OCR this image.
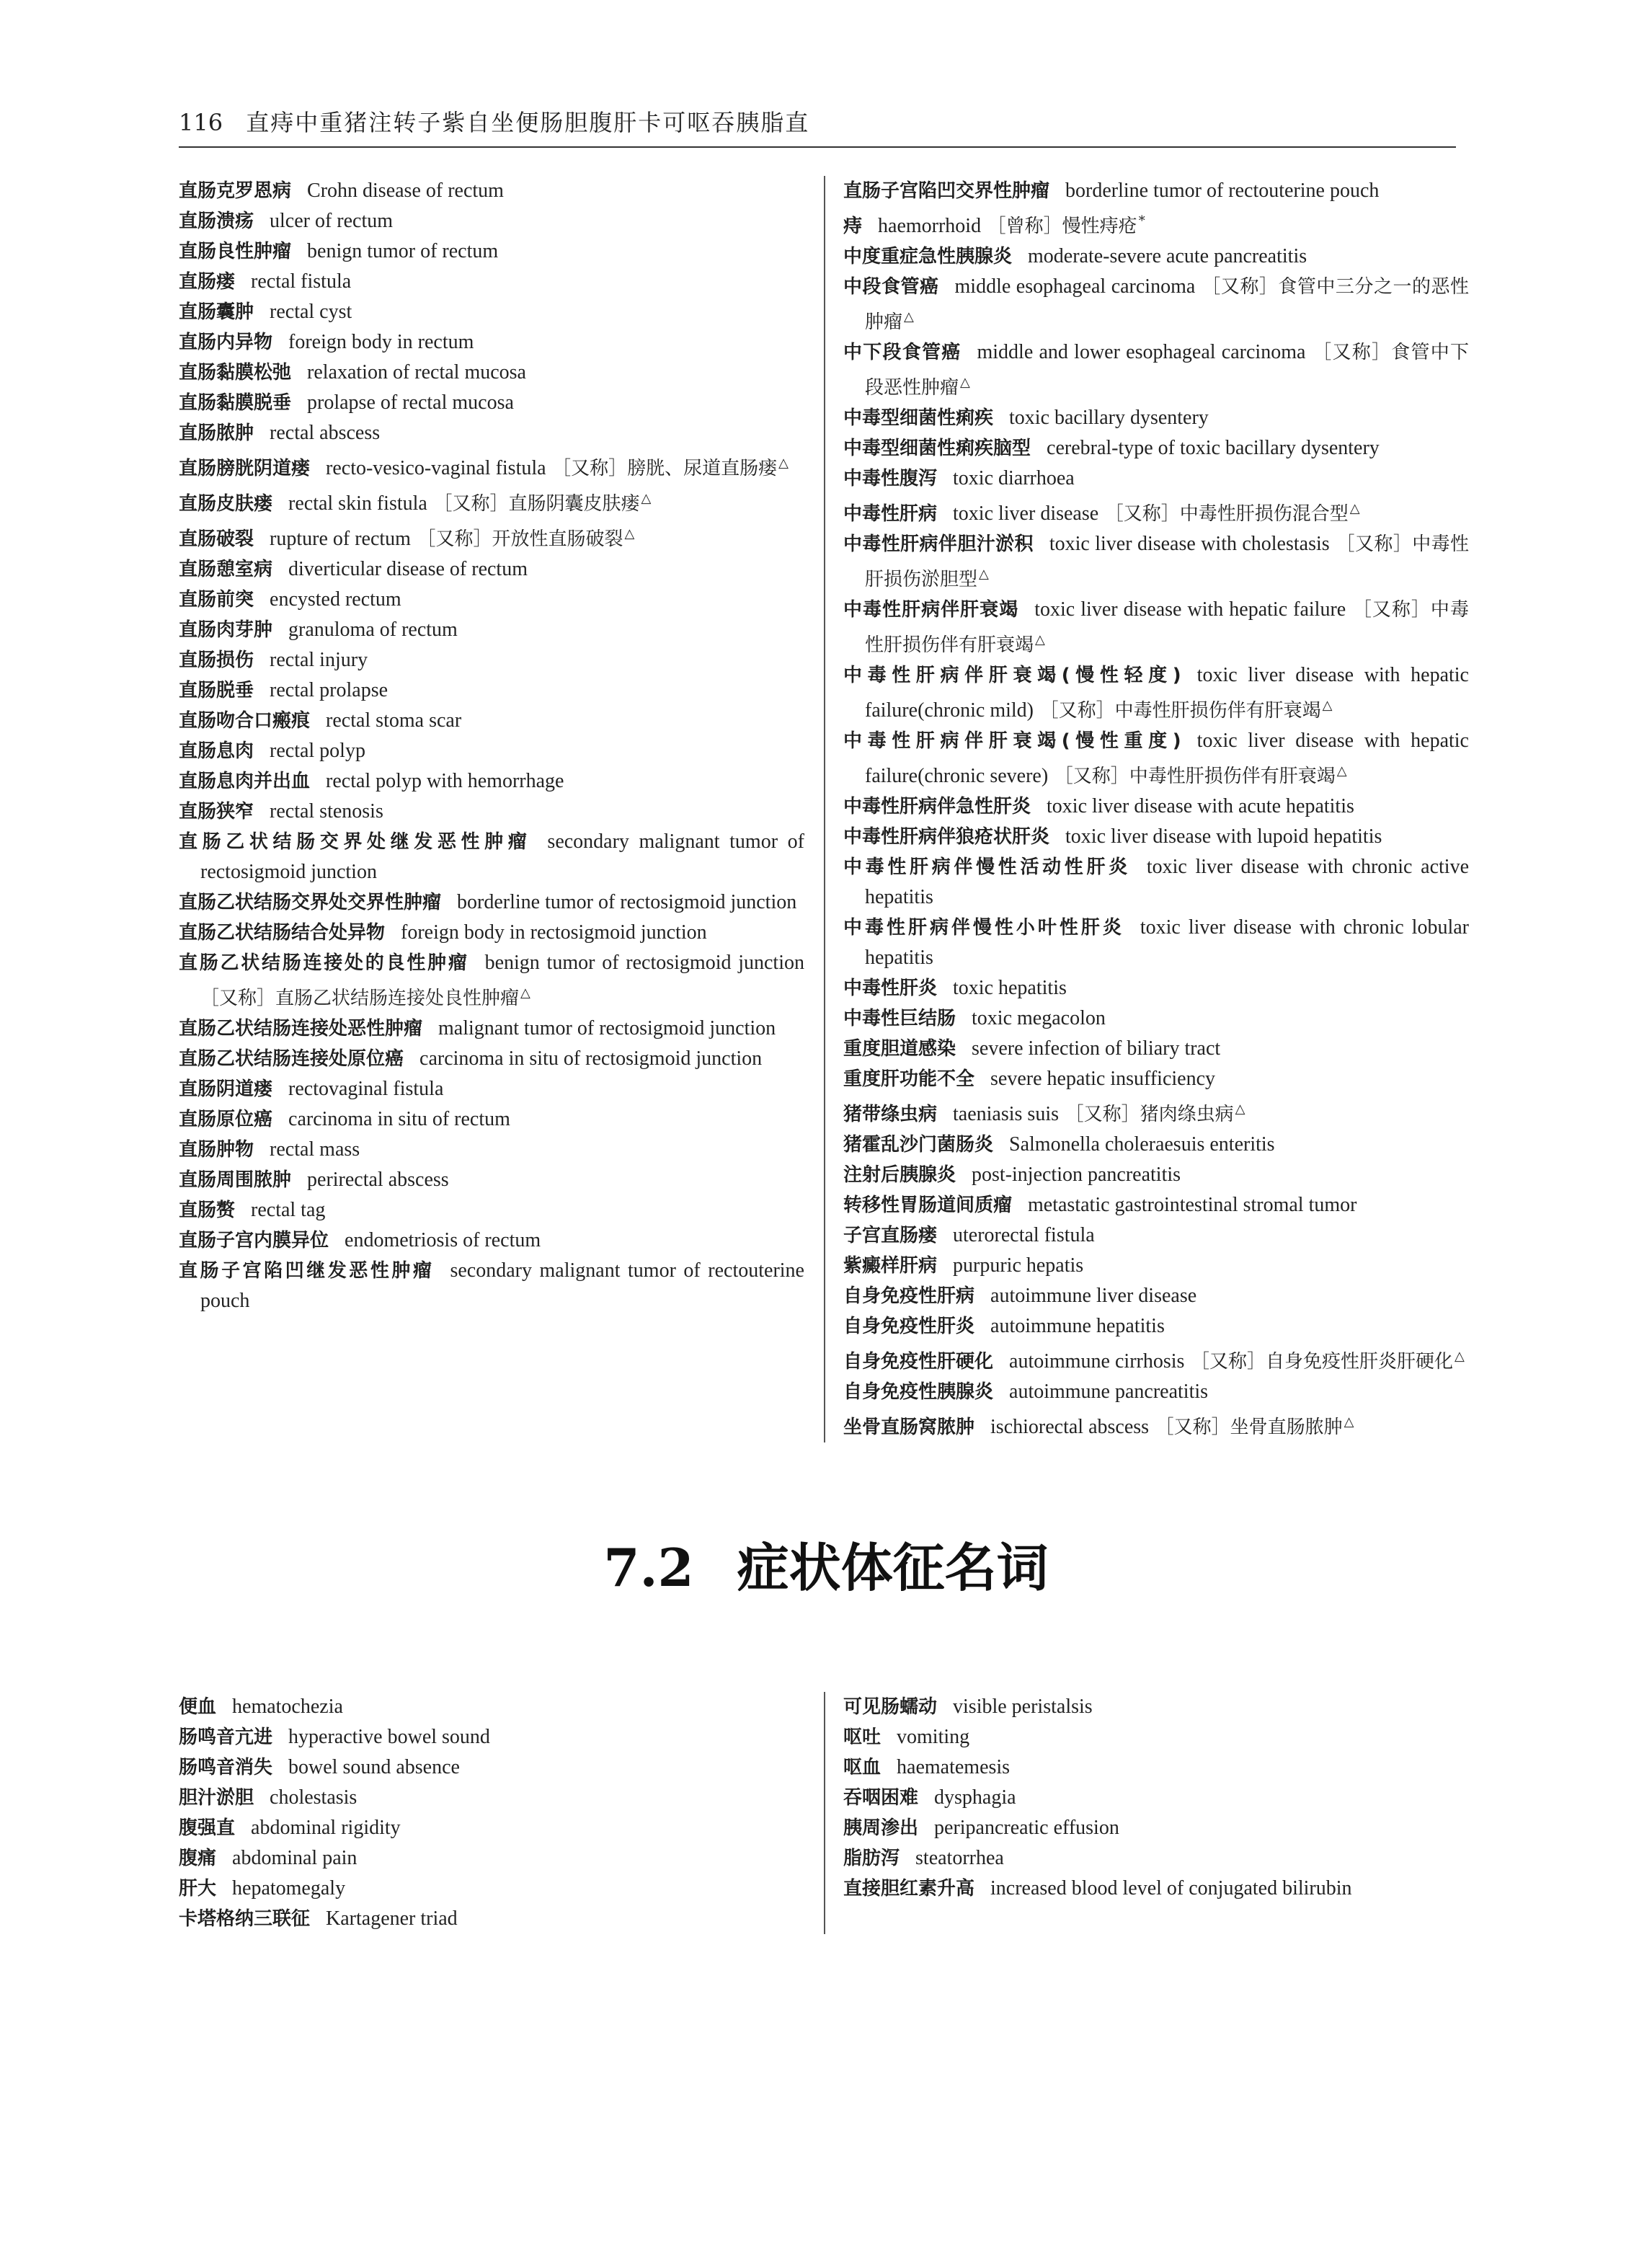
116 直痔中重猪注转子紫自坐便肠胆腹肝卡可呕吞胰脂直

直肠克罗恩病 Crohn disease of rectum

直肠溃疡 ulcer of rectum

直肠良性肿瘤 benign tumor of rectum

直肠瘘 rectal fistula

直肠囊肿 rectal cyst

直肠内异物 foreign body in rectum

直肠黏膜松弛 relaxation of rectal mucosa

直肠黏膜脱垂 prolapse of rectal mucosa

直肠脓肿 rectal abscess

直肠膀胱阴道瘘 recto-vesico-vaginal fistula ［又称］膀胱、尿道直肠瘘 △

直肠皮肤瘘 rectal skin fistula ［又称］直肠阴囊皮肤瘘 △

直肠破裂 rupture of rectum ［又称］开放性直肠破裂 △

直肠憩室病 diverticular disease of rectum

直肠前突 encysted rectum

直肠肉芽肿 granuloma of rectum

直肠损伤 rectal injury

直肠脱垂 rectal prolapse

直肠吻合口瘢痕 rectal stoma scar

直肠息肉 rectal polyp

直肠息肉并出血 rectal polyp with hemorrhage

直肠狭窄 rectal stenosis

直肠乙状结肠交界处继发恶性肿瘤 secondary malignant tumor of rectosigmoid junction

直肠乙状结肠交界处交界性肿瘤 borderline tumor of rectosigmoid junction

直肠乙状结肠结合处异物 foreign body in rectosigmoid junction

直肠乙状结肠连接处的良性肿瘤 benign tumor of rectosigmoid junction ［又称］直肠乙状结肠连接处良性肿瘤 △

直肠乙状结肠连接处恶性肿瘤 malignant tumor of rectosigmoid junction

直肠乙状结肠连接处原位癌 carcinoma in situ of rectosigmoid junction

直肠阴道瘘 rectovaginal fistula

直肠原位癌 carcinoma in situ of rectum

直肠肿物 rectal mass

直肠周围脓肿 perirectal abscess

直肠赘 rectal tag

直肠子宫内膜异位 endometriosis of rectum

直肠子宫陷凹继发恶性肿瘤 secondary malignant tumor of rectouterine pouch

直肠子宫陷凹交界性肿瘤 borderline tumor of rectouterine pouch

痔 haemorrhoid ［曾称］慢性痔疮 *

中度重症急性胰腺炎 moderate-severe acute pancreatitis

中段食管癌 middle esophageal carcinoma ［又称］食管中三分之一的恶性肿瘤 △

中下段食管癌 middle and lower esophageal carcinoma ［又称］食管中下段恶性肿瘤 △

中毒型细菌性痢疾 toxic bacillary dysentery

中毒型细菌性痢疾脑型 cerebral-type of toxic bacillary dysentery

中毒性腹泻 toxic diarrhoea

中毒性肝病 toxic liver disease ［又称］中毒性肝损伤混合型 △

中毒性肝病伴胆汁淤积 toxic liver disease with cholestasis ［又称］中毒性肝损伤淤胆型 △

中毒性肝病伴肝衰竭 toxic liver disease with hepatic failure ［又称］中毒性肝损伤伴有肝衰竭 △

中毒性肝病伴肝衰竭(慢性轻度) toxic liver disease with hepatic failure(chronic mild) ［又称］中毒性肝损伤伴有肝衰竭 △

中毒性肝病伴肝衰竭(慢性重度) toxic liver disease with hepatic failure(chronic severe) ［又称］中毒性肝损伤伴有肝衰竭 △

中毒性肝病伴急性肝炎 toxic liver disease with acute hepatitis

中毒性肝病伴狼疮状肝炎 toxic liver disease with lupoid hepatitis

中毒性肝病伴慢性活动性肝炎 toxic liver disease with chronic active hepatitis

中毒性肝病伴慢性小叶性肝炎 toxic liver disease with chronic lobular hepatitis

中毒性肝炎 toxic hepatitis

中毒性巨结肠 toxic megacolon

重度胆道感染 severe infection of biliary tract

重度肝功能不全 severe hepatic insufficiency

猪带绦虫病 taeniasis suis ［又称］猪肉绦虫病 △

猪霍乱沙门菌肠炎 Salmonella choleraesuis enteritis

注射后胰腺炎 post-injection pancreatitis

转移性胃肠道间质瘤 metastatic gastrointestinal stromal tumor

子宫直肠瘘 uterorectal fistula

紫癜样肝病 purpuric hepatis

自身免疫性肝病 autoimmune liver disease

自身免疫性肝炎 autoimmune hepatitis

自身免疫性肝硬化 autoimmune cirrhosis ［又称］自身免疫性肝炎肝硬化 △

自身免疫性胰腺炎 autoimmune pancreatitis

坐骨直肠窝脓肿 ischiorectal abscess ［又称］坐骨直肠脓肿 △

7.2 症状体征名词

便血 hematochezia

肠鸣音亢进 hyperactive bowel sound

肠鸣音消失 bowel sound absence

胆汁淤胆 cholestasis

腹强直 abdominal rigidity

腹痛 abdominal pain

肝大 hepatomegaly

卡塔格纳三联征 Kartagener triad

可见肠蠕动 visible peristalsis

呕吐 vomiting

呕血 haematemesis

吞咽困难 dysphagia

胰周渗出 peripancreatic effusion

脂肪泻 steatorrhea

直接胆红素升高 increased blood level of conjugated bilirubin
